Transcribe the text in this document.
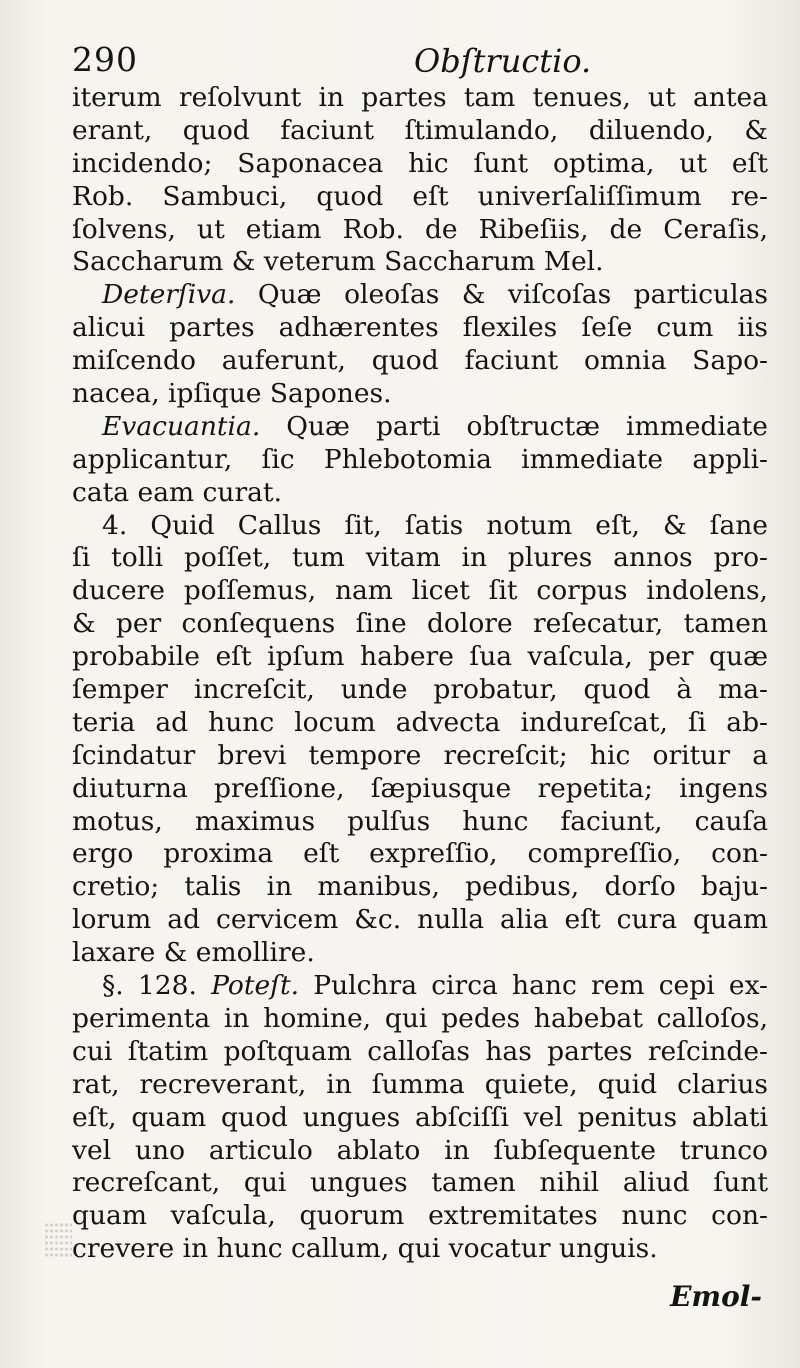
290	Obſtructio.
iterum reſolvunt in partes tam tenues, ut antea
erant, quod faciunt ſtimulando, diluendo, &
incidendo; Saponacea hic ſunt optima, ut eſt
Rob. Sambuci, quod eſt univerſaliſſimum re-
ſolvens, ut etiam Rob. de Ribeſiis, de Ceraſis,
Saccharum & veterum Saccharum Mel.
Deterſiva. Quæ oleoſas & viſcoſas particulas
alicui partes adhærentes flexiles ſeſe cum iis
miſcendo auferunt, quod faciunt omnia Sapo-
nacea, ipſique Sapones.
Evacuantia. Quæ parti obſtructæ immediate
applicantur, ſic Phlebotomia immediate appli-
cata eam curat.
4. Quid Callus ſit, ſatis notum eſt, & ſane
ſi tolli poſſet, tum vitam in plures annos pro-
ducere poſſemus, nam licet ſit corpus indolens,
& per conſequens ſine dolore reſecatur, tamen
probabile eſt ipſum habere ſua vaſcula, per quæ
ſemper increſcit, unde probatur, quod à ma-
teria ad hunc locum advecta indureſcat, ſi ab-
ſcindatur brevi tempore recreſcit; hic oritur a
diuturna preſſione, ſæpiusque repetita; ingens
motus, maximus pulſus hunc faciunt, cauſa
ergo proxima eſt expreſſio, compreſſio, con-
cretio; talis in manibus, pedibus, dorſo baju-
lorum ad cervicem &c. nulla alia eſt cura quam
laxare & emollire.
§. 128. Poteſt. Pulchra circa hanc rem cepi ex-
perimenta in homine, qui pedes habebat calloſos,
cui ſtatim poſtquam calloſas has partes reſcinde-
rat, recreverant, in ſumma quiete, quid clarius
eſt, quam quod ungues abſciſſi vel penitus ablati
vel uno articulo ablato in ſubſequente trunco
recreſcant, qui ungues tamen nihil aliud ſunt
quam vaſcula, quorum extremitates nunc con-
crevere in hunc callum, qui vocatur unguis.
Emol-
